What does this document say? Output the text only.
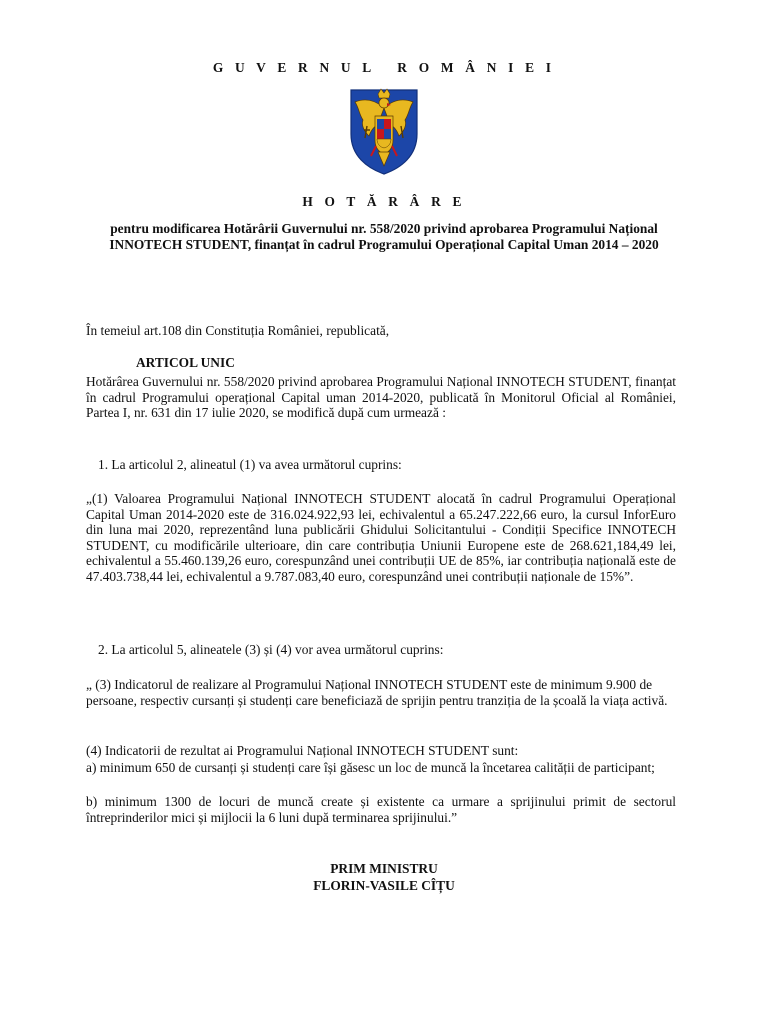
G U V E R N U L   R O M Â N I E I
H O T Ă R Â R E
pentru modificarea Hotărârii Guvernului nr. 558/2020 privind aprobarea Programului Național INNOTECH STUDENT, finanțat în cadrul Programului Operațional Capital Uman 2014 – 2020
În temeiul art.108 din Constituția României, republicată,
ARTICOL UNIC
Hotărârea Guvernului nr. 558/2020 privind aprobarea Programului Național INNOTECH STUDENT, finanțat în cadrul Programului operațional Capital uman 2014-2020, publicată în Monitorul Oficial al României, Partea I, nr. 631 din 17 iulie 2020, se modifică după cum urmează :
1. La articolul 2, alineatul (1) va avea următorul cuprins:
„(1) Valoarea Programului Național INNOTECH STUDENT alocată în cadrul Programului Operațional Capital Uman 2014-2020 este de 316.024.922,93 lei, echivalentul a 65.247.222,66 euro, la cursul InforEuro din luna mai 2020, reprezentând luna publicării Ghidului Solicitantului - Condiții Specifice INNOTECH STUDENT, cu modificările ulterioare, din care contribuția Uniunii Europene este de 268.621,184,49 lei, echivalentul a 55.460.139,26 euro, corespunzând unei contribuții UE de 85%, iar contribuția națională este de 47.403.738,44 lei, echivalentul a 9.787.083,40 euro, corespunzând unei contribuții naționale de 15%”.
2. La articolul 5, alineatele (3) și (4) vor avea următorul cuprins:
„ (3) Indicatorul de realizare al Programului Național INNOTECH STUDENT este de minimum 9.900 de persoane, respectiv cursanți și studenți care beneficiază de sprijin pentru tranziția de la școală la viața activă.
(4) Indicatorii de rezultat ai Programului Național INNOTECH STUDENT sunt:
a) minimum 650 de cursanți și studenți care își găsesc un loc de muncă la încetarea calității de participant;
b) minimum 1300 de locuri de muncă create și existente ca urmare a sprijinului primit de sectorul întreprinderilor mici și mijlocii la 6 luni după terminarea sprijinului.”
PRIM MINISTRU
FLORIN-VASILE CÎȚU
